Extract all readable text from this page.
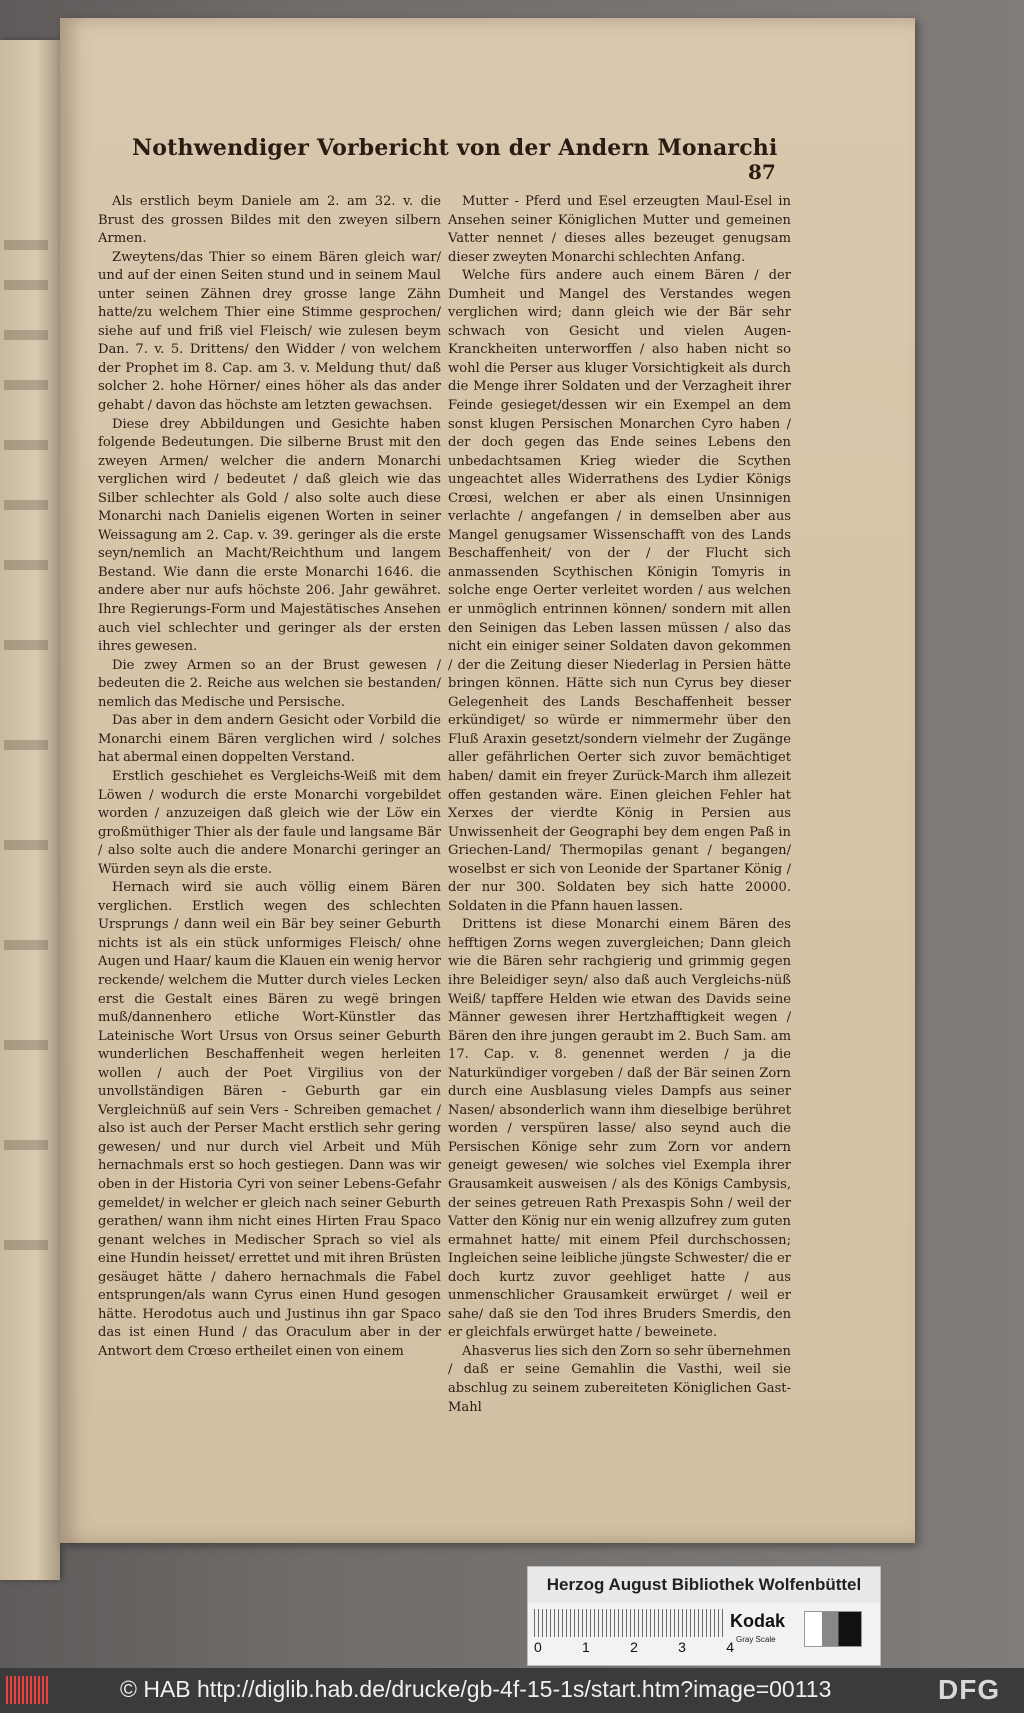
Nothwendiger Vorbericht von der Andern Monarchi
87

Als erstlich beym Daniele am 2. am 32. v. die Brust des grossen Bildes mit den zweyen silbern Armen.

Zweytens/das Thier so einem Bären gleich war/ und auf der einen Seiten stund und in seinem Maul unter seinen Zähnen drey grosse lange Zähn hatte/zu welchem Thier eine Stimme gesprochen/ siehe auf und friß viel Fleisch/ wie zulesen beym Dan. 7. v. 5. Drittens/ den Widder / von welchem der Prophet im 8. Cap. am 3. v. Meldung thut/ daß solcher 2. hohe Hörner/ eines höher als das ander gehabt / davon das höchste am letzten gewachsen.

Diese drey Abbildungen und Gesichte haben folgende Bedeutungen. Die silberne Brust mit den zweyen Armen/ welcher die andern Monarchi verglichen wird / bedeutet / daß gleich wie das Silber schlechter als Gold / also solte auch diese Monarchi nach Danielis eigenen Worten in seiner Weissagung am 2. Cap. v. 39. geringer als die erste seyn/nemlich an Macht/Reichthum und langem Bestand. Wie dann die erste Monarchi 1646. die andere aber nur aufs höchste 206. Jahr gewähret. Ihre Regierungs-Form und Majestätisches Ansehen auch viel schlechter und geringer als der ersten ihres gewesen.

Die zwey Armen so an der Brust gewesen / bedeuten die 2. Reiche aus welchen sie bestanden/ nemlich das Medische und Persische.

Das aber in dem andern Gesicht oder Vorbild die Monarchi einem Bären verglichen wird / solches hat abermal einen doppelten Verstand.

Erstlich geschiehet es Vergleichs-Weiß mit dem Löwen / wodurch die erste Monarchi vorgebildet worden / anzuzeigen daß gleich wie der Löw ein großmüthiger Thier als der faule und langsame Bär / also solte auch die andere Monarchi geringer an Würden seyn als die erste.

Hernach wird sie auch völlig einem Bären verglichen. Erstlich wegen des schlechten Ursprungs / dann weil ein Bär bey seiner Geburth nichts ist als ein stück unformiges Fleisch/ ohne Augen und Haar/ kaum die Klauen ein wenig hervor reckende/ welchem die Mutter durch vieles Lecken erst die Gestalt eines Bären zu wegë bringen muß/dannenhero etliche Wort-Künstler das Lateinische Wort Ursus von Orsus seiner Geburth wunderlichen Beschaffenheit wegen herleiten wollen / auch der Poet Virgilius von der unvollständigen Bären - Geburth gar ein Vergleichnüß auf sein Vers - Schreiben gemachet / also ist auch der Perser Macht erstlich sehr gering gewesen/ und nur durch viel Arbeit und Müh hernachmals erst so hoch gestiegen. Dann was wir oben in der Historia Cyri von seiner Lebens-Gefahr gemeldet/ in welcher er gleich nach seiner Geburth gerathen/ wann ihm nicht eines Hirten Frau Spaco genant welches in Medischer Sprach so viel als eine Hundin heisset/ errettet und mit ihren Brüsten gesäuget hätte / dahero hernachmals die Fabel entsprungen/als wann Cyrus einen Hund gesogen hätte. Herodotus auch und Justinus ihn gar Spaco das ist einen Hund / das Oraculum aber in der Antwort dem Crœso ertheilet einen von einem

Mutter - Pferd und Esel erzeugten Maul-Esel in Ansehen seiner Königlichen Mutter und gemeinen Vatter nennet / dieses alles bezeuget genugsam dieser zweyten Monarchi schlechten Anfang.

Welche fürs andere auch einem Bären / der Dumheit und Mangel des Verstandes wegen verglichen wird; dann gleich wie der Bär sehr schwach von Gesicht und vielen Augen-Kranckheiten unterworffen / also haben nicht so wohl die Perser aus kluger Vorsichtigkeit als durch die Menge ihrer Soldaten und der Verzagheit ihrer Feinde gesieget/dessen wir ein Exempel an dem sonst klugen Persischen Monarchen Cyro haben / der doch gegen das Ende seines Lebens den unbedachtsamen Krieg wieder die Scythen ungeachtet alles Widerrathens des Lydier Königs Crœsi, welchen er aber als einen Unsinnigen verlachte / angefangen / in demselben aber aus Mangel genugsamer Wissenschafft von des Lands Beschaffenheit/ von der / der Flucht sich anmassenden Scythischen Königin Tomyris in solche enge Oerter verleitet worden / aus welchen er unmöglich entrinnen können/ sondern mit allen den Seinigen das Leben lassen müssen / also das nicht ein einiger seiner Soldaten davon gekommen / der die Zeitung dieser Niederlag in Persien hätte bringen können. Hätte sich nun Cyrus bey dieser Gelegenheit des Lands Beschaffenheit besser erkündiget/ so würde er nimmermehr über den Fluß Araxin gesetzt/sondern vielmehr der Zugänge aller gefährlichen Oerter sich zuvor bemächtiget haben/ damit ein freyer Zurück-March ihm allezeit offen gestanden wäre. Einen gleichen Fehler hat Xerxes der vierdte König in Persien aus Unwissenheit der Geographi bey dem engen Paß in Griechen-Land/ Thermopilas genant / begangen/ woselbst er sich von Leonide der Spartaner König / der nur 300. Soldaten bey sich hatte 20000. Soldaten in die Pfann hauen lassen.

Drittens ist diese Monarchi einem Bären des hefftigen Zorns wegen zuvergleichen; Dann gleich wie die Bären sehr rachgierig und grimmig gegen ihre Beleidiger seyn/ also daß auch Vergleichs-nüß Weiß/ tapffere Helden wie etwan des Davids seine Männer gewesen ihrer Hertzhafftigkeit wegen / Bären den ihre jungen geraubt im 2. Buch Sam. am 17. Cap. v. 8. genennet werden / ja die Naturkündiger vorgeben / daß der Bär seinen Zorn durch eine Ausblasung vieles Dampfs aus seiner Nasen/ absonderlich wann ihm dieselbige berühret worden / verspüren lasse/ also seynd auch die Persischen Könige sehr zum Zorn vor andern geneigt gewesen/ wie solches viel Exempla ihrer Grausamkeit ausweisen / als des Königs Cambysis, der seines getreuen Rath Prexaspis Sohn / weil der Vatter den König nur ein wenig allzufrey zum guten ermahnet hatte/ mit einem Pfeil durchschossen; Ingleichen seine leibliche jüngste Schwester/ die er doch kurtz zuvor geehliget hatte / aus unmenschlicher Grausamkeit erwürget / weil er sahe/ daß sie den Tod ihres Bruders Smerdis, den er gleichfals erwürget hatte / beweinete.

Ahasverus lies sich den Zorn so sehr übernehmen / daß er seine Gemahlin die Vasthi, weil sie abschlug zu seinem zubereiteten Königlichen Gast-Mahl

Herzog August Bibliothek Wolfenbüttel
0	1	2	3	4
Kodak
Gray Scale
© HAB http://diglib.hab.de/drucke/gb-4f-15-1s/start.htm?image=00113	DFG
